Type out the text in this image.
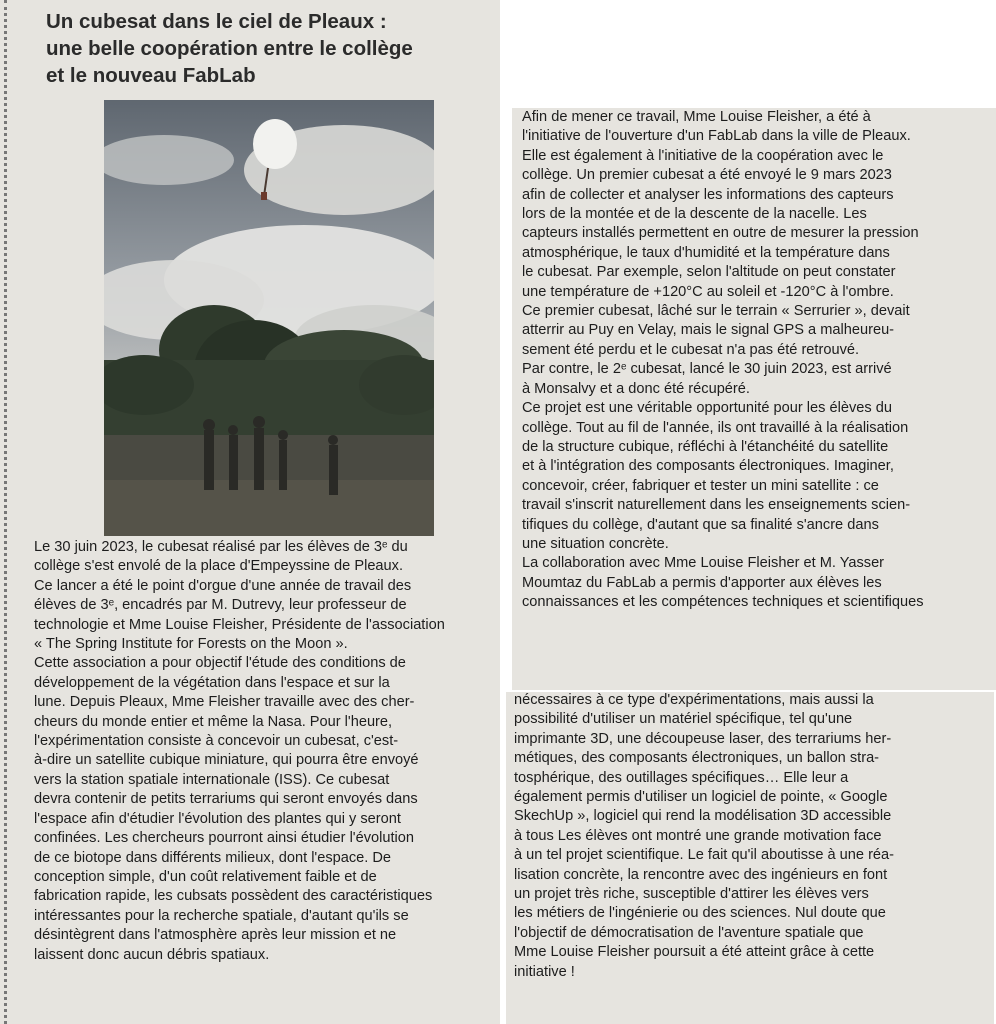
Un cubesat dans le ciel de Pleaux :
une belle coopération entre le collège
et le nouveau FabLab
Le 30 juin 2023, le cubesat réalisé par les élèves de 3ᵉ du
collège s'est envolé de la place d'Empeyssine de Pleaux.
Ce lancer a été le point d'orgue d'une année de travail des
élèves de 3ᵉ, encadrés par M. Dutrevy, leur professeur de
technologie et Mme Louise Fleisher, Présidente de l'association
« The Spring Institute for Forests on the Moon ».
Cette association a pour objectif l'étude des conditions de
développement de la végétation dans l'espace et sur la
lune. Depuis Pleaux, Mme Fleisher travaille avec des cher-
cheurs du monde entier et même la Nasa. Pour l'heure,
l'expérimentation consiste à concevoir un cubesat, c'est-
à-dire un satellite cubique miniature, qui pourra être envoyé
vers la station spatiale internationale (ISS). Ce cubesat
devra contenir de petits terrariums qui seront envoyés dans
l'espace afin d'étudier l'évolution des plantes qui y seront
confinées. Les chercheurs pourront ainsi étudier l'évolution
de ce biotope dans différents milieux, dont l'espace. De
conception simple, d'un coût relativement faible et de
fabrication rapide, les cubsats possèdent des caractéristiques
intéressantes pour la recherche spatiale, d'autant qu'ils se
désintègrent dans l'atmosphère après leur mission et ne
laissent donc aucun débris spatiaux.
Afin de mener ce travail, Mme Louise Fleisher, a été à
l'initiative de l'ouverture d'un FabLab dans la ville de Pleaux.
Elle est également à l'initiative de la coopération avec le
collège. Un premier cubesat a été envoyé le 9 mars 2023
afin de collecter et analyser les informations des capteurs
lors de la montée et de la descente de la nacelle. Les
capteurs installés permettent en outre de mesurer la pression
atmosphérique, le taux d'humidité et la température dans
le cubesat. Par exemple, selon l'altitude on peut constater
une température de +120°C au soleil et -120°C à l'ombre.
Ce premier cubesat, lâché sur le terrain « Serrurier », devait
atterrir au Puy en Velay, mais le signal GPS a malheureu-
sement été perdu et le cubesat n'a pas été retrouvé.
Par contre, le 2ᵉ cubesat, lancé le 30 juin 2023, est arrivé
à Monsalvy et a donc été récupéré.
Ce projet est une véritable opportunité pour les élèves du
collège. Tout au fil de l'année, ils ont travaillé à la réalisation
de la structure cubique, réfléchi à l'étanchéité du satellite
et à l'intégration des composants électroniques. Imaginer,
concevoir, créer, fabriquer et tester un mini satellite : ce
travail s'inscrit naturellement dans les enseignements scien-
tifiques du collège, d'autant que sa finalité s'ancre dans
une situation concrète.
La collaboration avec Mme Louise Fleisher et M. Yasser
Moumtaz du FabLab a permis d'apporter aux élèves les
connaissances et les compétences techniques et scientifiques
nécessaires à ce type d'expérimentations, mais aussi la
possibilité d'utiliser un matériel spécifique, tel qu'une
imprimante 3D, une découpeuse laser, des terrariums her-
métiques, des composants électroniques, un ballon stra-
tosphérique, des outillages spécifiques… Elle leur a
également permis d'utiliser un logiciel de pointe, « Google
SkechUp », logiciel qui rend la modélisation 3D accessible
à tous Les élèves ont montré une grande motivation face
à un tel projet scientifique. Le fait qu'il aboutisse à une réa-
lisation concrète, la rencontre avec des ingénieurs en font
un projet très riche, susceptible d'attirer les élèves vers
les métiers de l'ingénierie ou des sciences. Nul doute que
l'objectif de démocratisation de l'aventure spatiale que
Mme Louise Fleisher poursuit a été atteint grâce à cette
initiative !
